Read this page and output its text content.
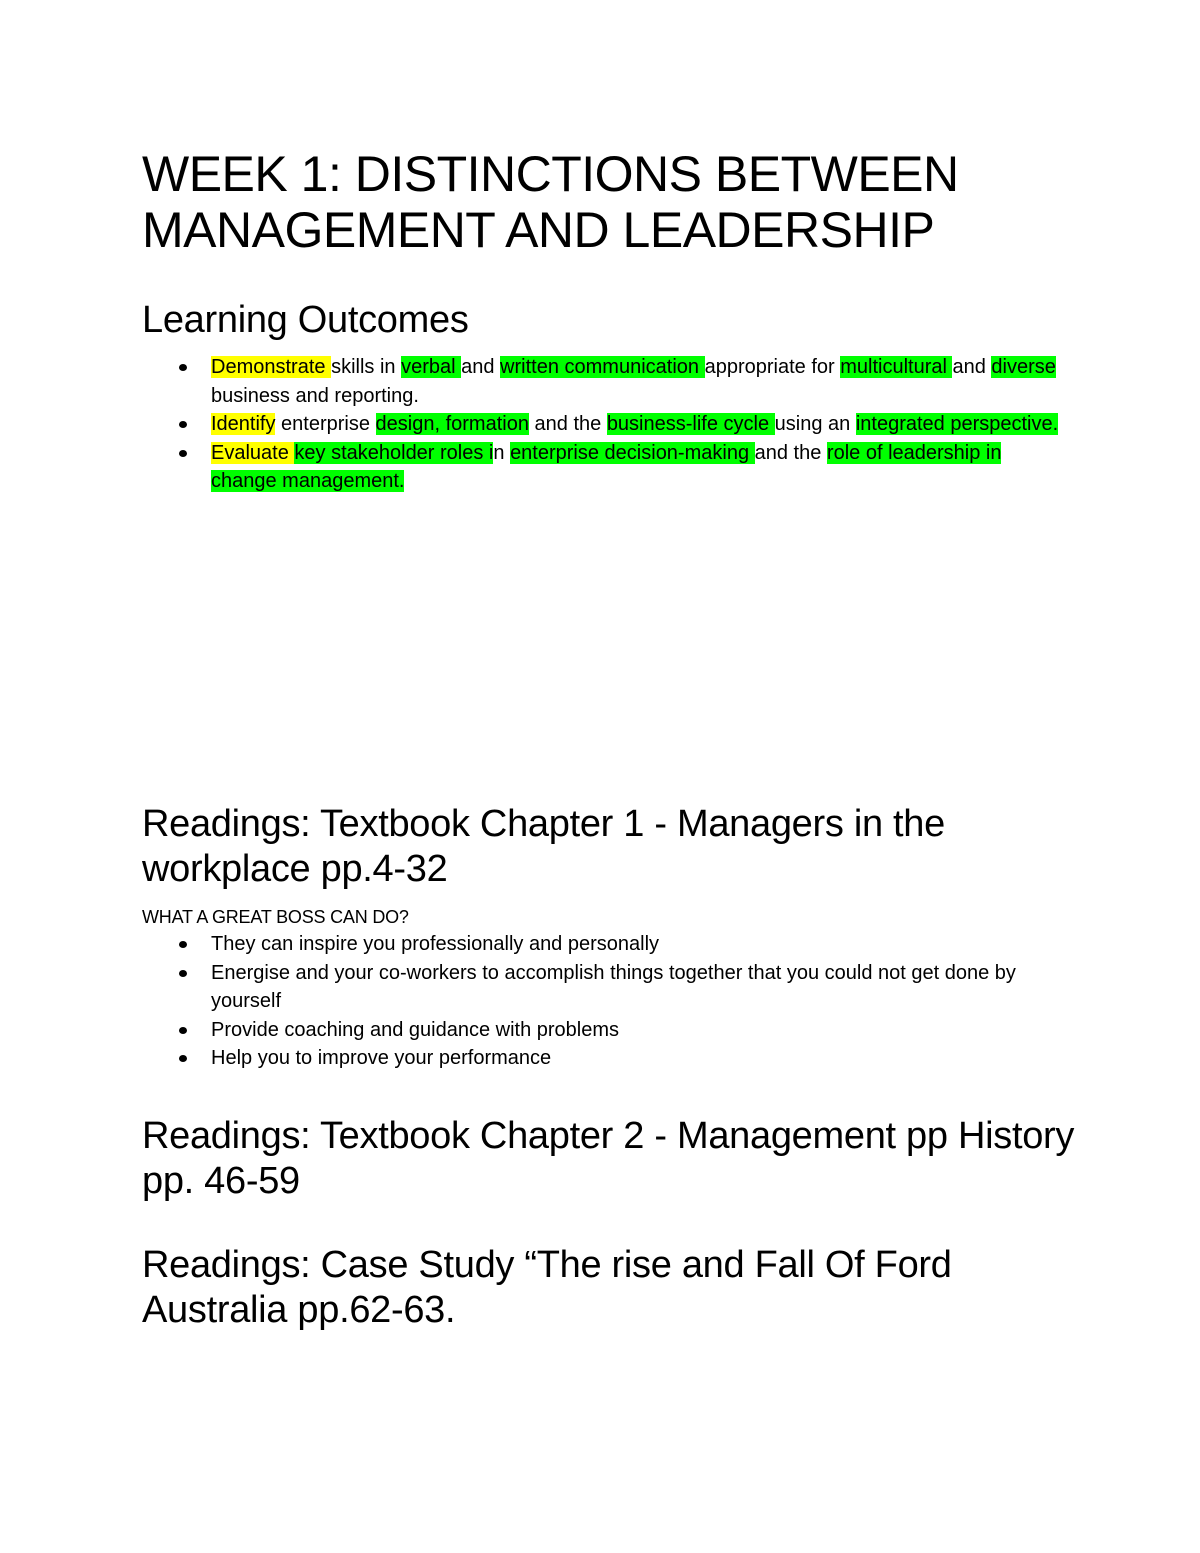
WEEK 1: DISTINCTIONS BETWEEN MANAGEMENT AND LEADERSHIP
Learning Outcomes
Demonstrate skills in verbal and written communication appropriate for multicultural and diverse business and reporting.
Identify enterprise design, formation and the business-life cycle using an integrated perspective.
Evaluate key stakeholder roles in enterprise decision-making and the role of leadership in change management.
Readings: Textbook Chapter 1 - Managers in the workplace pp.4-32
WHAT A GREAT BOSS CAN DO?
They can inspire you professionally and personally
Energise and your co-workers to accomplish things together that you could not get done by yourself
Provide coaching and guidance with problems
Help you to improve your performance
Readings: Textbook Chapter 2 - Management pp History pp. 46-59
Readings: Case Study “The rise and Fall Of Ford Australia pp.62-63.
